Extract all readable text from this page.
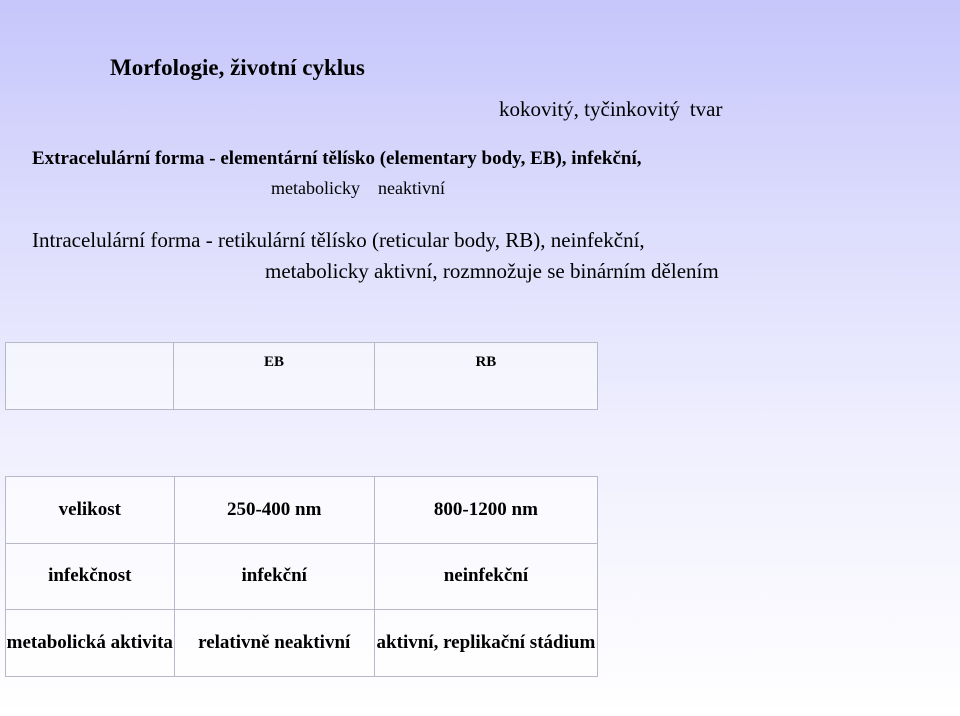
Morfologie, životní cyklus
kokovitý, tyčinkovitý tvar
Extracelulární forma - elementární tělísko (elementary body, EB), infekční,
metabolicky neaktivní
Intracelulární forma - retikulární tělísko (reticular body, RB), neinfekční,
metabolicky aktivní, rozmnožuje se binárním dělením
	EB	RB
velikost	250-400 nm	800-1200 nm
infekčnost	infekční	neinfekční
metabolická aktivita	relativně neaktivní	aktivní, replikační stádium
